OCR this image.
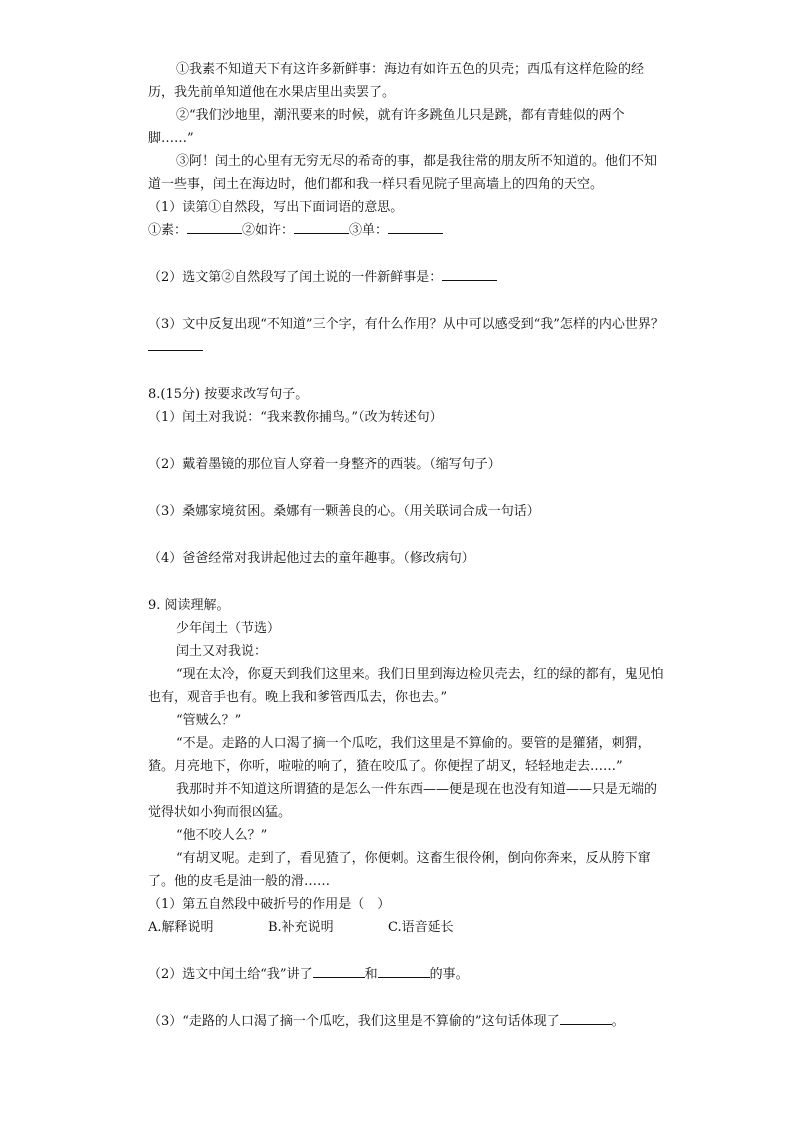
①我素不知道天下有这许多新鲜事：海边有如许五色的贝壳；西瓜有这样危险的经历，我先前单知道他在水果店里出卖罢了。

②“我们沙地里，潮汛要来的时候，就有许多跳鱼儿只是跳，都有青蛙似的两个脚……”

③阿！闰土的心里有无穷无尽的希奇的事，都是我往常的朋友所不知道的。他们不知道一些事，闰土在海边时，他们都和我一样只看见院子里高墙上的四角的天空。

（1）读第①自然段，写出下面词语的意思。

①素：	②如许：	③单：

（2）选文第②自然段写了闰土说的一件新鲜事是：

（3）文中反复出现“不知道”三个字，有什么作用？从中可以感受到“我”怎样的内心世界？

8.(15分) 按要求改写句子。

（1）闰土对我说：“我来教你捕鸟。”（改为转述句）

（2）戴着墨镜的那位盲人穿着一身整齐的西装。（缩写句子）

（3）桑娜家境贫困。桑娜有一颗善良的心。（用关联词合成一句话）

（4）爸爸经常对我讲起他过去的童年趣事。（修改病句）

9. 阅读理解。

少年闰土（节选）

闰土又对我说：

“现在太冷，你夏天到我们这里来。我们日里到海边检贝壳去，红的绿的都有，鬼见怕也有，观音手也有。晚上我和爹管西瓜去，你也去。”

“管贼么？”

“不是。走路的人口渴了摘一个瓜吃，我们这里是不算偷的。要管的是獾猪，刺猬，猹。月亮地下，你听，啦啦的响了，猹在咬瓜了。你便捏了胡叉，轻轻地走去……”

我那时并不知道这所谓猹的是怎么一件东西——便是现在也没有知道——只是无端的觉得状如小狗而很凶猛。

“他不咬人么？”

“有胡叉呢。走到了，看见猹了，你便刺。这畜生很伶俐，倒向你奔来，反从胯下窜了。他的皮毛是油一般的滑……

（1）第五自然段中破折号的作用是（　）

A.解释说明	B.补充说明	C.语音延长

（2）选文中闰土给“我”讲了	和	的事。

（3）“走路的人口渴了摘一个瓜吃，我们这里是不算偷的”这句话体现了	。
